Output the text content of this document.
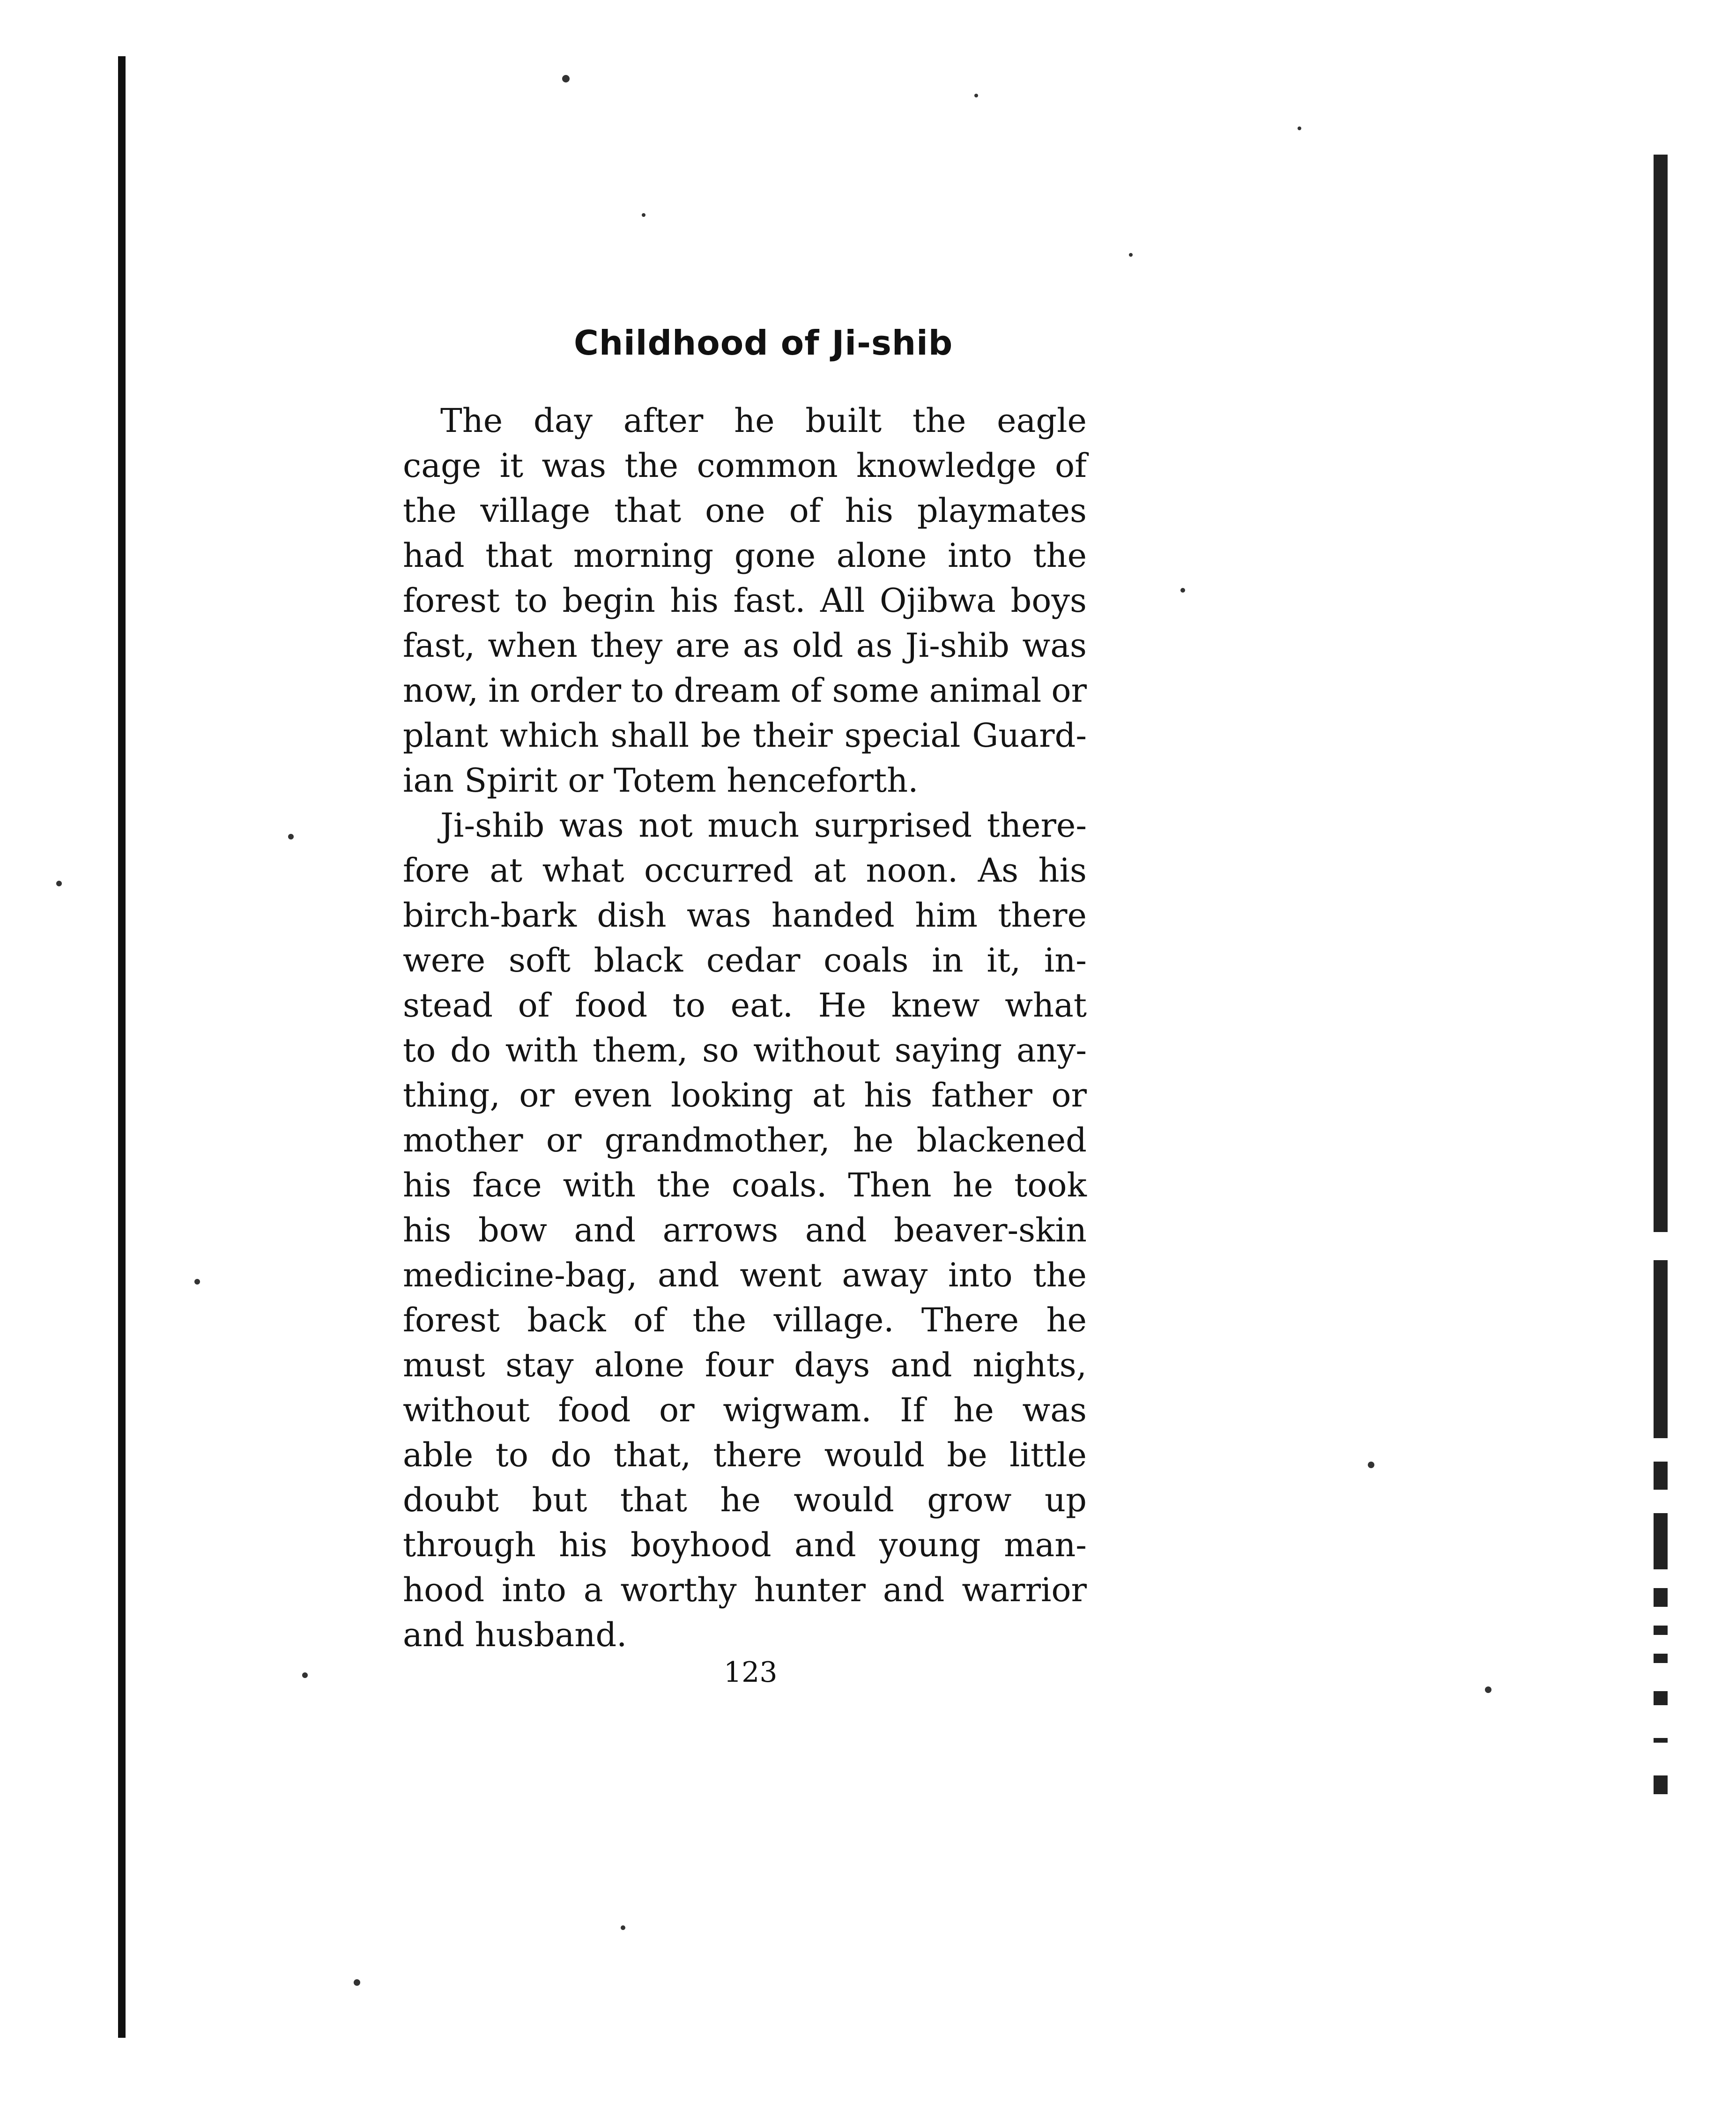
Childhood of Ji-shib
The day after he built the eagle
cage it was the common knowledge of
the village that one of his playmates
had that morning gone alone into the
forest to begin his fast. All Ojibwa boys
fast, when they are as old as Ji-shib was
now, in order to dream of some animal or
plant which shall be their special Guard-
ian Spirit or Totem henceforth.
Ji-shib was not much surprised there-
fore at what occurred at noon. As his
birch-bark dish was handed him there
were soft black cedar coals in it, in-
stead of food to eat. He knew what
to do with them, so without saying any-
thing, or even looking at his father or
mother or grandmother, he blackened
his face with the coals. Then he took
his bow and arrows and beaver-skin
medicine-bag, and went away into the
forest back of the village. There he
must stay alone four days and nights,
without food or wigwam. If he was
able to do that, there would be little
doubt but that he would grow up
through his boyhood and young man-
hood into a worthy hunter and warrior
and husband.
123
